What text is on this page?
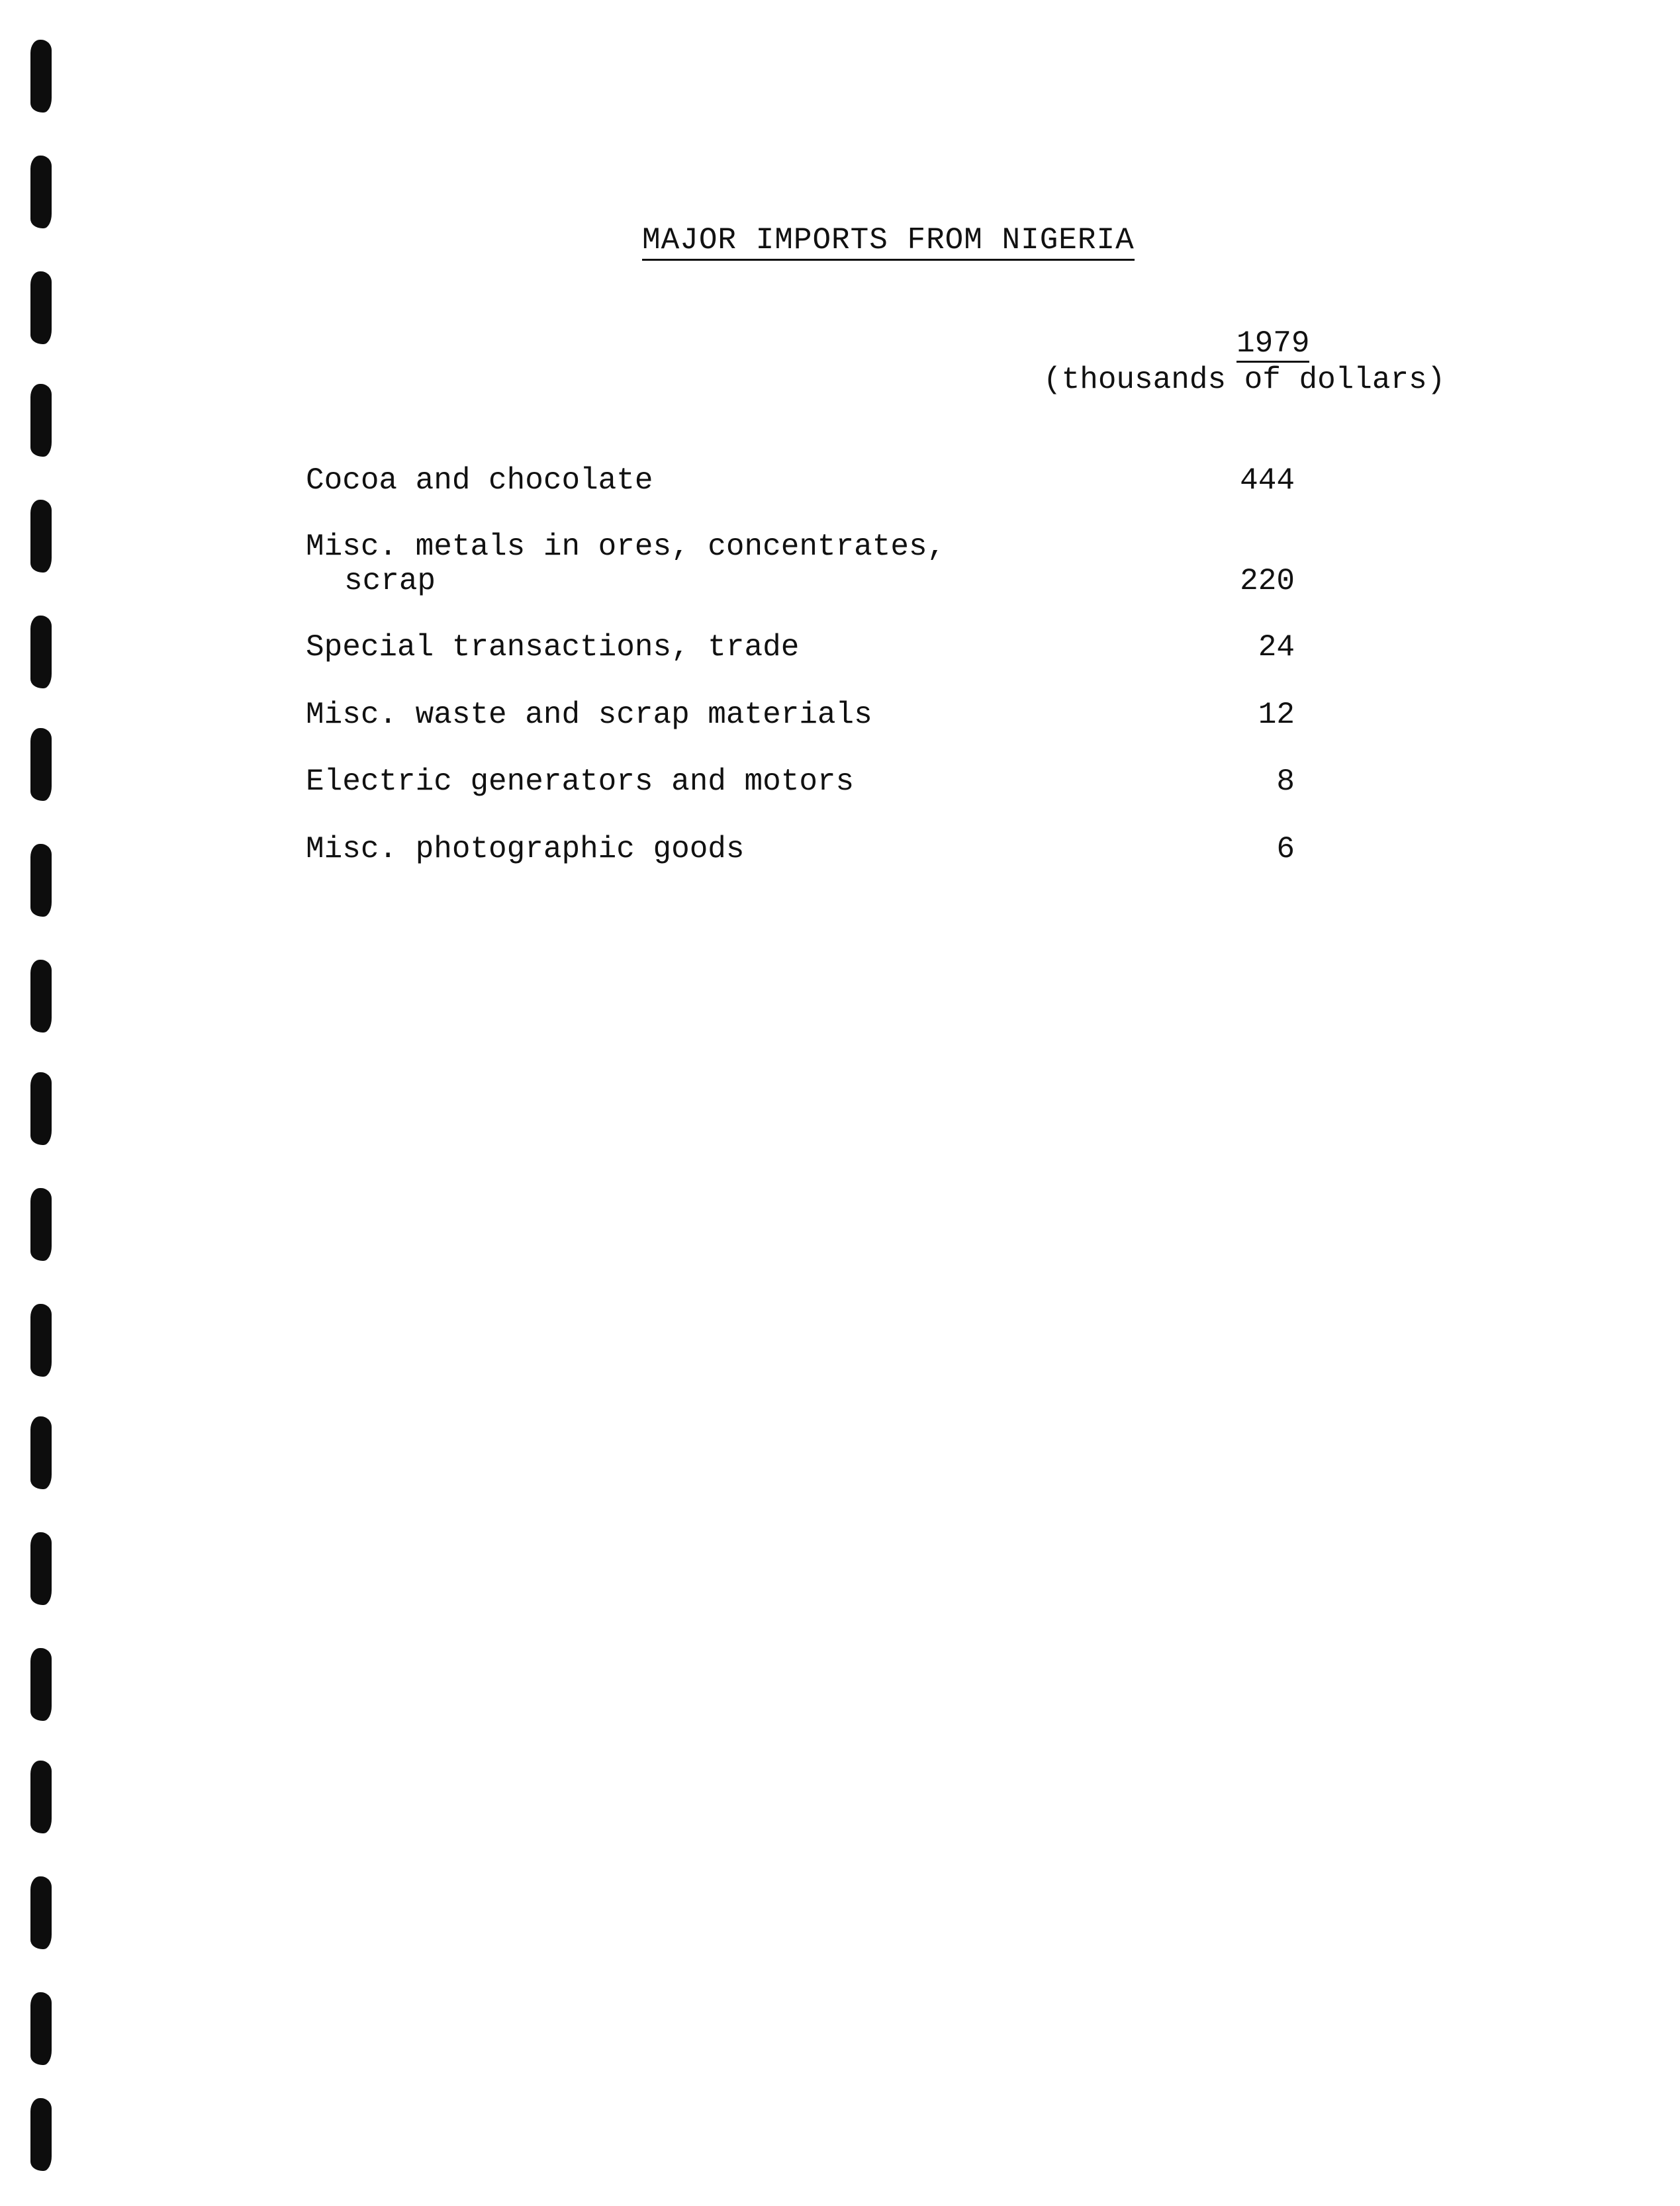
MAJOR IMPORTS FROM NIGERIA
1979
(thousands of dollars)
Cocoa and chocolate	444
Misc. metals in ores, concentrates,
scrap	220
Special transactions, trade	24
Misc. waste and scrap materials	12
Electric generators and motors	8
Misc. photographic goods	6
